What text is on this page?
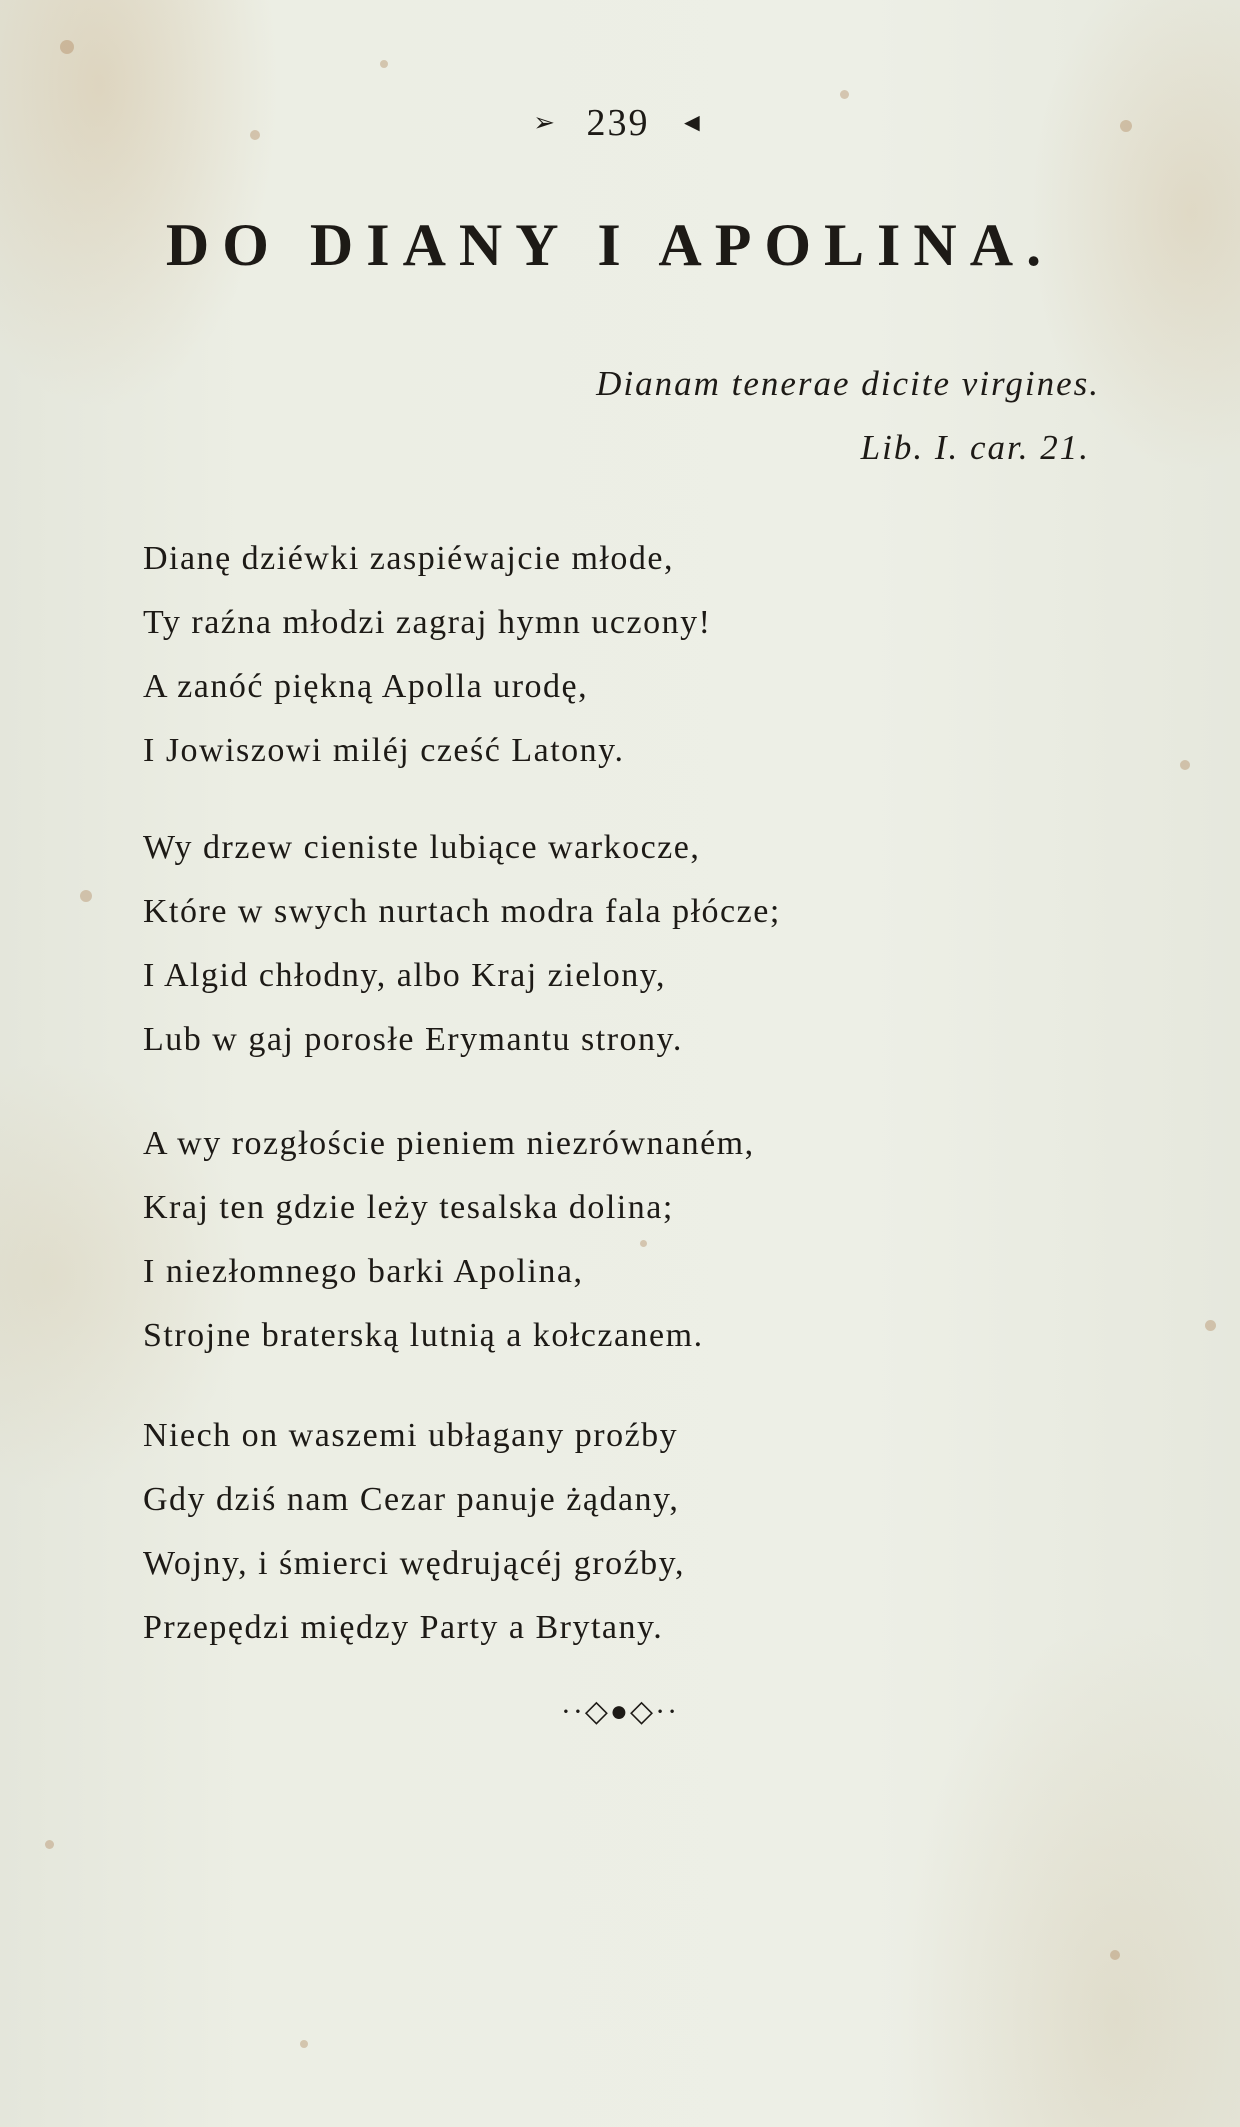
➢ 239 ◄
DO DIANY I APOLINA.
Dianam tenerae dicite virgines.
Lib. I. car. 21.
Dianę dziéwki zaspiéwajcie młode,
Ty raźna młodzi zagraj hymn uczony!
A zanóć piękną Apolla urodę,
I Jowiszowi miléj cześć Latony.
Wy drzew cieniste lubiące warkocze,
Które w swych nurtach modra fala płócze;
I Algid chłodny, albo Kraj zielony,
Lub w gaj porosłe Erymantu strony.
A wy rozgłoście pieniem niezrównaném,
Kraj ten gdzie leży tesalska dolina;
I niezłomnego barki Apolina,
Strojne braterską lutnią a kołczanem.
Niech on waszemi ubłagany proźby
Gdy dziś nam Cezar panuje żądany,
Wojny, i śmierci wędrującéj groźby,
Przepędzi między Party a Brytany.
··◇●◇··
